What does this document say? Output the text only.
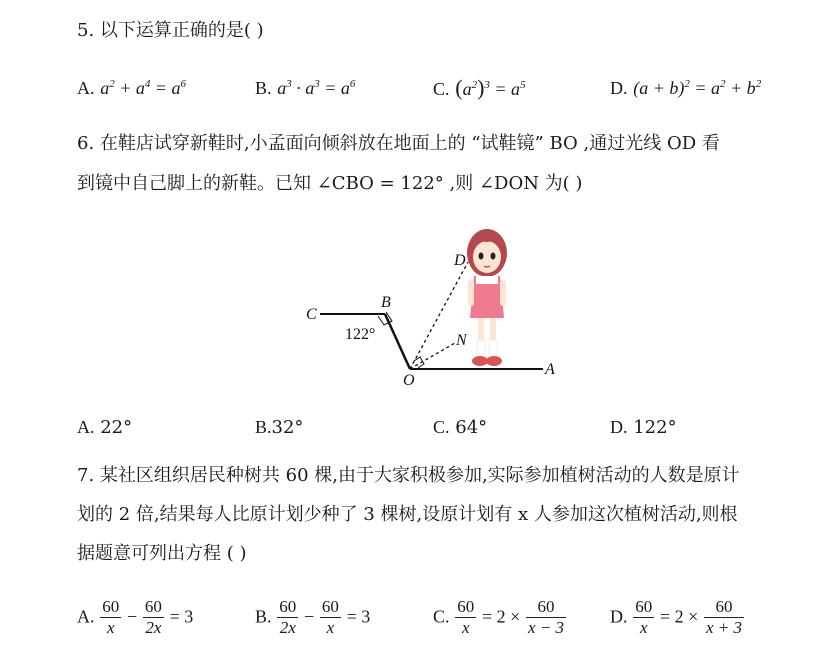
5. 以下运算正确的是( )
A. $a^2 + a^4 = a^6$	B. $a^3 \cdot a^3 = a^6$	C. $(a^2)^3 = a^5$	D. $(a + b)^2 = a^2 + b^2$
6. 在鞋店试穿新鞋时,小孟面向倾斜放在地面上的 “试鞋镜” BO ,通过光线 OD 看
到镜中自己脚上的新鞋。已知 ∠CBO = 122° ,则 ∠DON 为( )
C
B
D
N
O
A
122°
A. 22°	B.32°	C. 64°	D. 122°
7. 某社区组织居民种树共 60 棵,由于大家积极参加,实际参加植树活动的人数是原计
划的 2 倍,结果每人比原计划少种了 3 棵树,设原计划有 x 人参加这次植树活动,则根
据题意可列出方程 ( )
A. $\frac{60}{x} - \frac{60}{2x} = 3$	B. $\frac{60}{2x} - \frac{60}{x} = 3$	C. $\frac{60}{x} = 2 \times \frac{60}{x - 3} D$. $\frac{60}{x} = 2 \times \frac{60}{x + 3}$
